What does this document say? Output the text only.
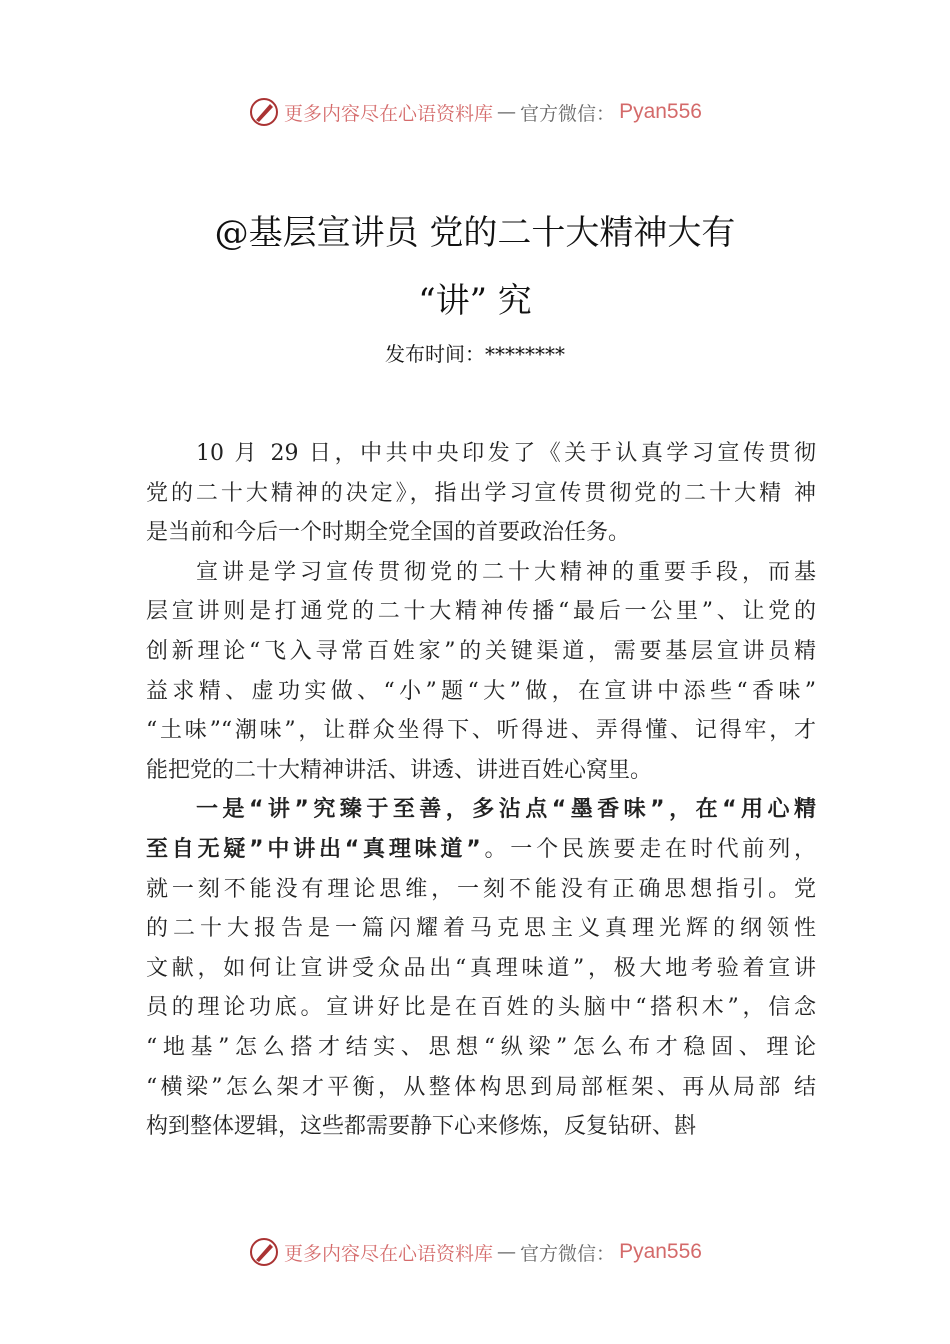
更多内容尽在心语资料库 — 官方微信： Pyan556
@基层宣讲员 党的二十大精神大有
“讲” 究
发布时间：********
10 月 29 日，中共中央印发了《关于认真学习宣传贯彻
党的二十大精神的决定》，指出学习宣传贯彻党的二十大精 神
是当前和今后一个时期全党全国的首要政治任务。
宣讲是学习宣传贯彻党的二十大精神的重要手段，而基
层宣讲则是打通党的二十大精神传播“最后一公里”、让党的
创新理论“飞入寻常百姓家”的关键渠道，需要基层宣讲员精
益求精、虚功实做、“小”题“大”做，在宣讲中添些“香味”
“土味”“潮味”，让群众坐得下、听得进、弄得懂、记得牢，才
能把党的二十大精神讲活、讲透、讲进百姓心窝里。
一是“讲”究臻于至善，多沾点“墨香味”，在“用心精
至自无疑”中讲出“真理味道”。一个民族要走在时代前列，
就一刻不能没有理论思维，一刻不能没有正确思想指引。党
的二十大报告是一篇闪耀着马克思主义真理光辉的纲领性
文献，如何让宣讲受众品出“真理味道”，极大地考验着宣讲
员的理论功底。宣讲好比是在百姓的头脑中“搭积木”，信念
“地基”怎么搭才结实、思想“纵梁”怎么布才稳固、理论
“横梁”怎么架才平衡，从整体构思到局部框架、再从局部 结
构到整体逻辑，这些都需要静下心来修炼，反复钻研、斟
更多内容尽在心语资料库 — 官方微信： Pyan556
